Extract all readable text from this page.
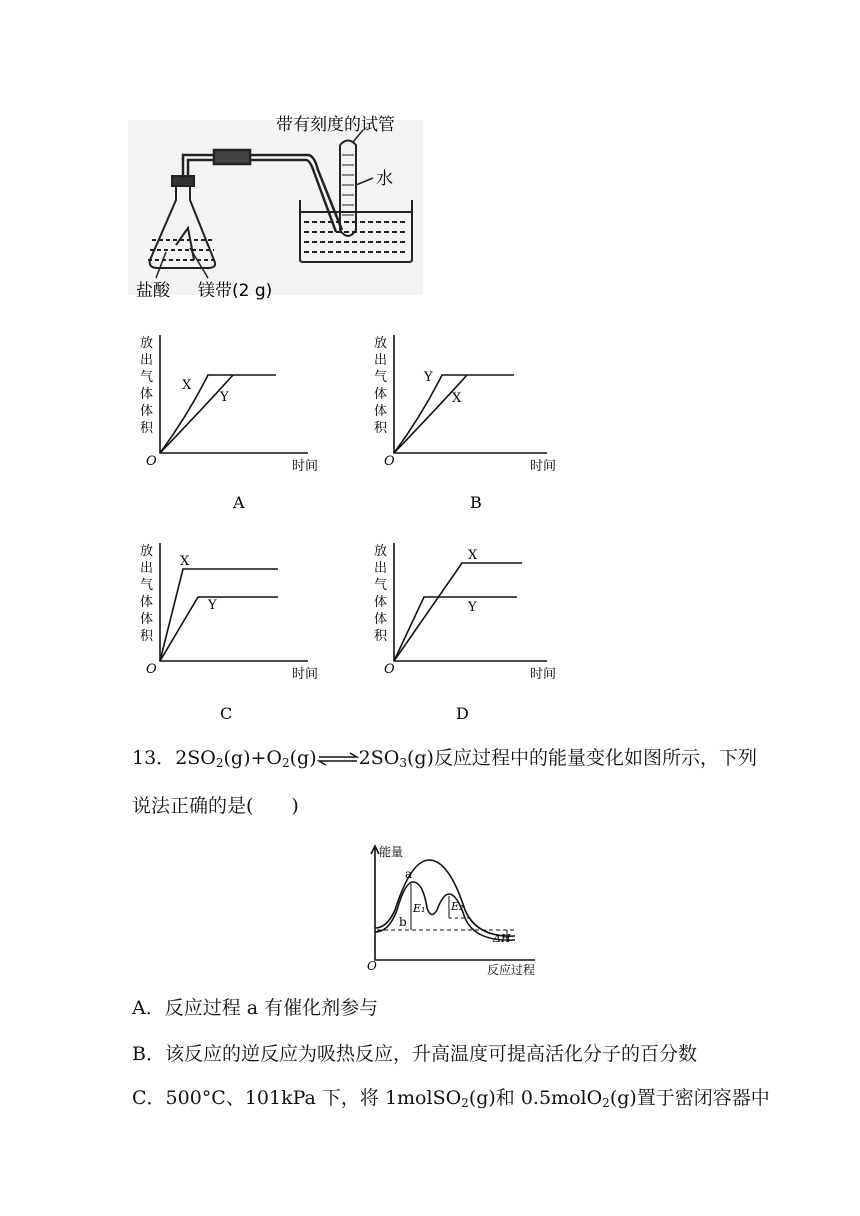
带有刻度的试管
水
盐酸 镁带(2 g)
放
出
气
体
体
积
O	时间
X
Y
A
放
出
气
体
体
积
O	时间
Y
X
B
放
出
气
体
体
积
O	时间
X
Y
C
放
出
气
体
体
积
O	时间
X
Y
D
13．$2SO_2(g)+O_2(g)\rightleftharpoons 2SO_3(g)$反应过程中的能量变化如图所示，下列
说法正确的是(　　)
能量
反应过程
O
a
b
E₁ E₂
ΔH
A．反应过程 a 有催化剂参与
B．该反应的逆反应为吸热反应，升高温度可提高活化分子的百分数
C．500°C、101kPa 下，将 1molSO$_2$(g)和 0.5molO$_2$(g)置于密闭容器中
